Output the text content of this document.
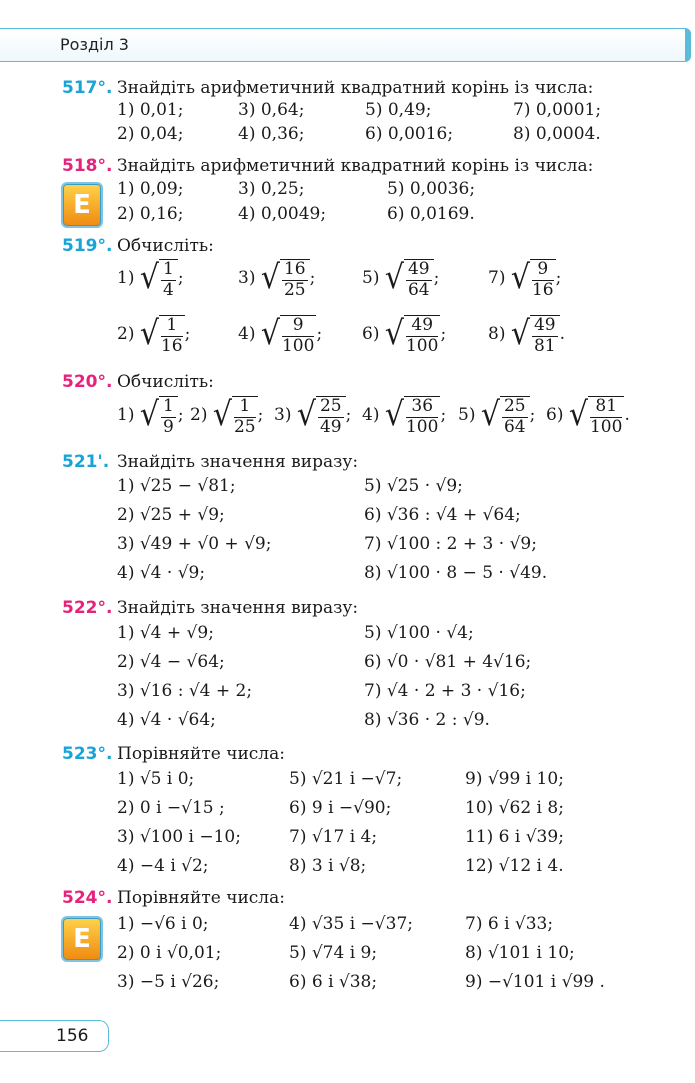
Розділ 3
517°. Знайдіть арифметичний квадратний корінь із числа:
1) 0,01;	3) 0,64;	5) 0,49;	7) 0,0001;
2) 0,04;	4) 0,36;	6) 0,0016;	8) 0,0004.
518°. Знайдіть арифметичний квадратний корінь із числа:
E
1) 0,09;	3) 0,25;	5) 0,0036;
2) 0,16;	4) 0,0049;	6) 0,0169.
519°. Обчисліть:
1) √ $\frac{1}{4}$ ;	3) √ $\frac{16}{25}$ ;	5) √ $\frac{49}{64}$ ;	7) √ $\frac{9}{16}$ ;
2) √ $\frac{1}{16}$ ;	4) √ $\frac{9}{100}$ ; 6) √ $\frac{49}{100}$ ; 8) √ $\frac{49}{81}$ .
520°. Обчисліть:
1) √ $\frac{1}{9}$ ; 2) √ $\frac{1}{25}$ ; 3) √ $\frac{25}{49}$ ; 4) √ $\frac{36}{100}$ ; 5) √ $\frac{25}{64}$ ; 6) √ $\frac{81}{100}$ .
521'. Знайдіть значення виразу:
1) √25 − √81;	5) √25 · √9;
2) √25 + √9;	6) √36 : √4 + √64;
3) √49 + √0 + √9;	7) √100 : 2 + 3 · √9;
4) √4 · √9;	8) √100 · 8 − 5 · √49.
522°. Знайдіть значення виразу:
1) √4 + √9;	5) √100 · √4;
2) √4 − √64;	6) √0 · √81 + 4√16;
3) √16 : √4 + 2;	7) √4 · 2 + 3 · √16;
4) √4 · √64;	8) √36 · 2 : √9.
523°. Порівняйте числа:
1) √5 і 0;	5) √21 і −√7;	9) √99 і 10;
2) 0 і −√15 ;	6) 9 і −√90;	10) √62 і 8;
3) √100 і −10;	7) √17 і 4;	11) 6 і √39;
4) −4 і √2;	8) 3 і √8;	12) √12 і 4.
524°. Порівняйте числа:
E	1) −√6 і 0;	4) √35 і −√37;	7) 6 і √33;
2) 0 і √0,01;	5) √74 і 9;	8) √101 і 10;
3) −5 і √26;	6) 6 і √38;	9) −√101 і √99 .
156
